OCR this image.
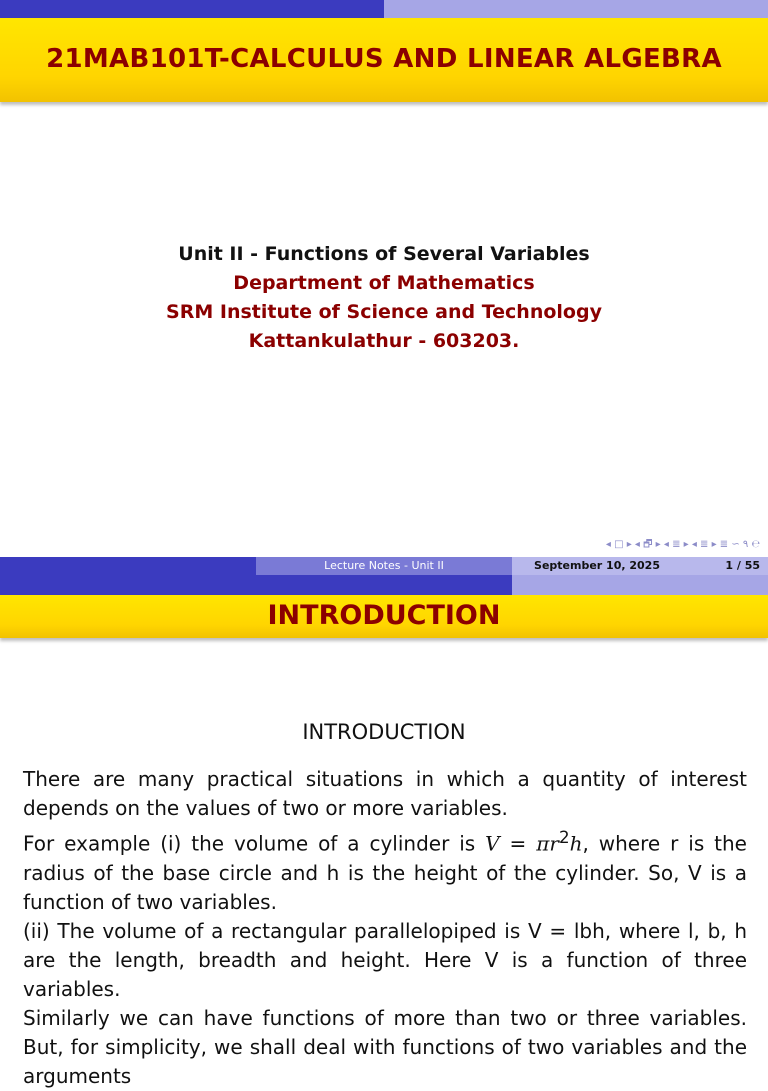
21MAB101T-CALCULUS AND LINEAR ALGEBRA
Unit II - Functions of Several Variables
Department of Mathematics
SRM Institute of Science and Technology
Kattankulathur - 603203.
◂ □ ▸ ◂ 🗗 ▸ ◂ ≣ ▸ ◂ ≣ ▸ ≣ ∽ ۹ ℮
Lecture Notes - Unit II	September 10, 2025	1 / 55
INTRODUCTION
INTRODUCTION

There are many practical situations in which a quantity of interest depends on the values of two or more variables.

For example (i) the volume of a cylinder is $V = \pi r^2h$, where r is the radius of the base circle and h is the height of the cylinder. So, V is a function of two variables.

(ii) The volume of a rectangular parallelopiped is V = lbh, where l, b, h are the length, breadth and height. Here V is a function of three variables.

Similarly we can have functions of more than two or three variables. But, for simplicity, we shall deal with functions of two variables and the arguments
